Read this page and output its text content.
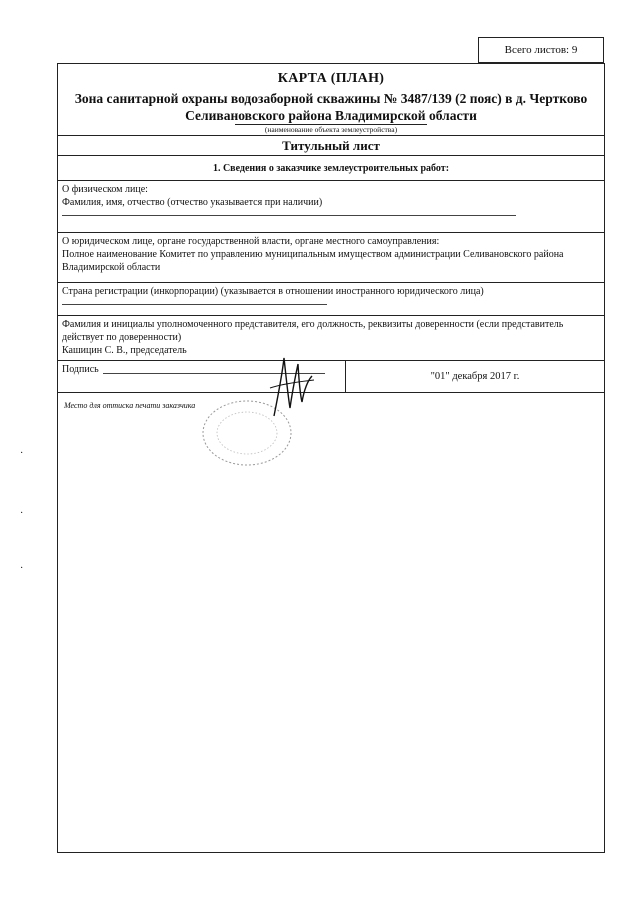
Всего листов:
9
КАРТА (ПЛАН)
Зона санитарной охраны водозаборной скважины № 3487/139 (2 пояс) в д. Чертково Селивановского района Владимирской области
(наименование объекта землеустройства)
Титульный лист
1. Сведения о заказчике землеустроительных работ:
О физическом лице:
Фамилия, имя, отчество (отчество указывается при наличии)
О юридическом лице, органе государственной власти, органе местного самоуправления:
Полное наименование Комитет по управлению муниципальным имуществом администрации Селивановского района Владимирской области
Страна регистрации (инкорпорации) (указывается в отношении иностранного юридического лица)
Фамилия и инициалы уполномоченного представителя, его должность, реквизиты доверенности (если представитель действует по доверенности)
Кашицин С. В., председатель
Подпись
"01" декабря 2017 г.
Место для оттиска печати заказчика
·
·
·
